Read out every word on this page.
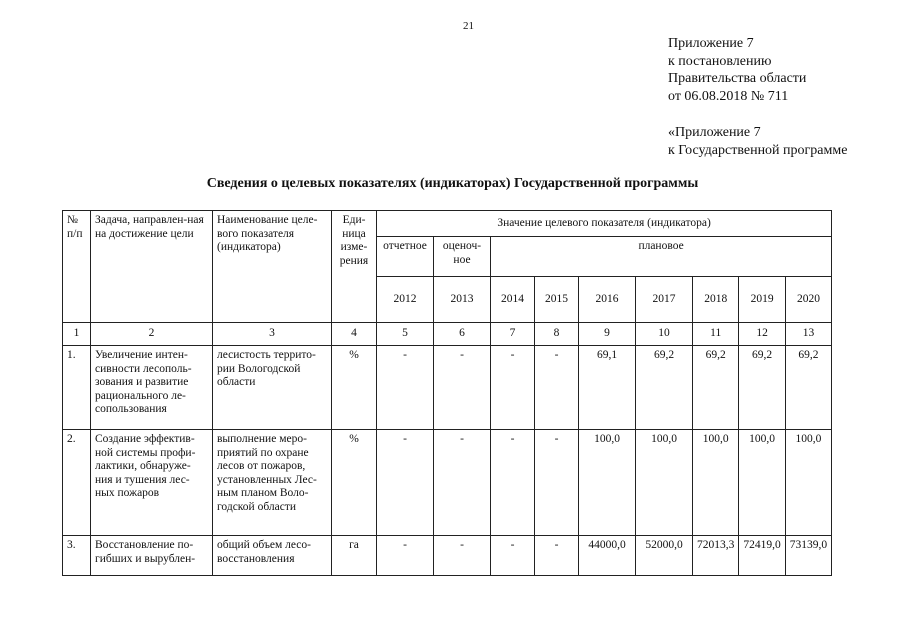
21
Приложение 7
к постановлению
Правительства области
от 06.08.2018 № 711
«Приложение 7
к Государственной программе
Сведения о целевых показателях (индикаторах) Государственной программы
№ п/п	Задача, направлен-ная на достижение цели	Наименование целе-вого показателя (индикатора)	Еди-ница изме-рения	Значение целевого показателя (индикатора)								
				отчетное	оценоч-ное	плановое						
				2012	2013	2014	2015	2016	2017	2018	2019	2020
1	2	3	4	5	6	7	8	9	10	11	12	13
1.	Увеличение интен-сивности лесополь-зования и развитие рационального ле-сопользования	лесистость террито-рии Вологодской области	%	-	-	-	-	69,1	69,2	69,2	69,2	69,2
2.	Создание эффектив-ной системы профи-лактики, обнаруже-ния и тушения лес-ных пожаров	выполнение меро-приятий по охране лесов от пожаров, установленных Лес-ным планом Воло-годской области	%	-	-	-	-	100,0	100,0	100,0	100,0	100,0
3.	Восстановление по-гибших и вырублен-	общий объем лесо-восстановления	га	-	-	-	-	44000,0	52000,0	72013,3	72419,0	73139,0
